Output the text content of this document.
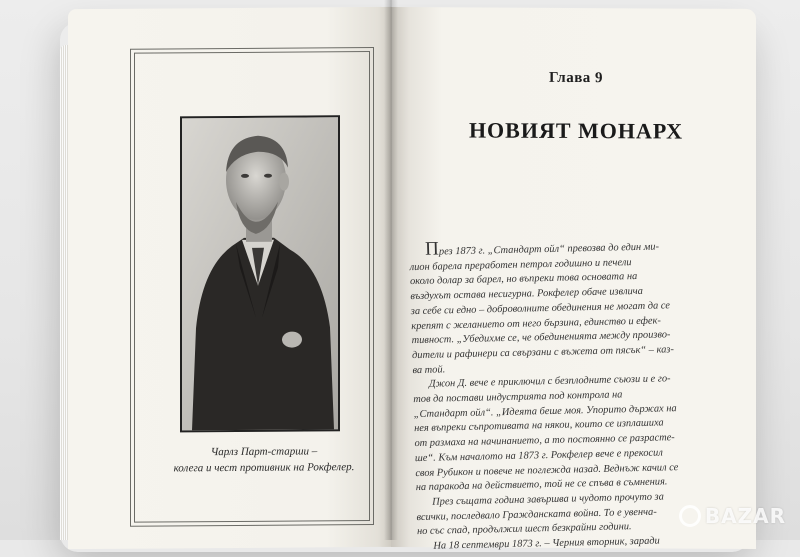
Чарлз Парт-старши –
колега и чест противник на Рокфелер.
Глава 9
НОВИЯТ МОНАРХ
През 1873 г. „Стандарт ойл“ превозва до един ми-
лион барела преработен петрол годишно и печели
около долар за барел, но въпреки това основата на
въздухът остава несигурна. Рокфелер обаче извлича
за себе си едно – доброволните обединения не могат да се
крепят с желанието от него бързина, единство и ефек-
тивност. „Убедихме се, че обединенията между произво-
дители и рафинери са свързани с въжета от пясък“ – каз-
ва той.
Джон Д. вече е приключил с безплодните съюзи и е го-
тов да постави индустрията под контрола на
„Стандарт ойл“. „Идеята беше моя. Упорито държах на
нея въпреки съпротивата на някои, които се изплашиха
от размаха на начинанието, а то постоянно се разрасте-
ше“. Към началото на 1873 г. Рокфелер вече е прекосил
своя Рубикон и повече не поглежда назад. Веднъж качил се
на паракода на действието, той не се спъва в съмнения.
През същата година завършва и чудото прочуто за
всички, последвало Гражданската война. То е увенча-
но със спад, продължил шест безкрайни години.
На 18 септември 1873 г. – Черния вторник, заради
BAZAR
